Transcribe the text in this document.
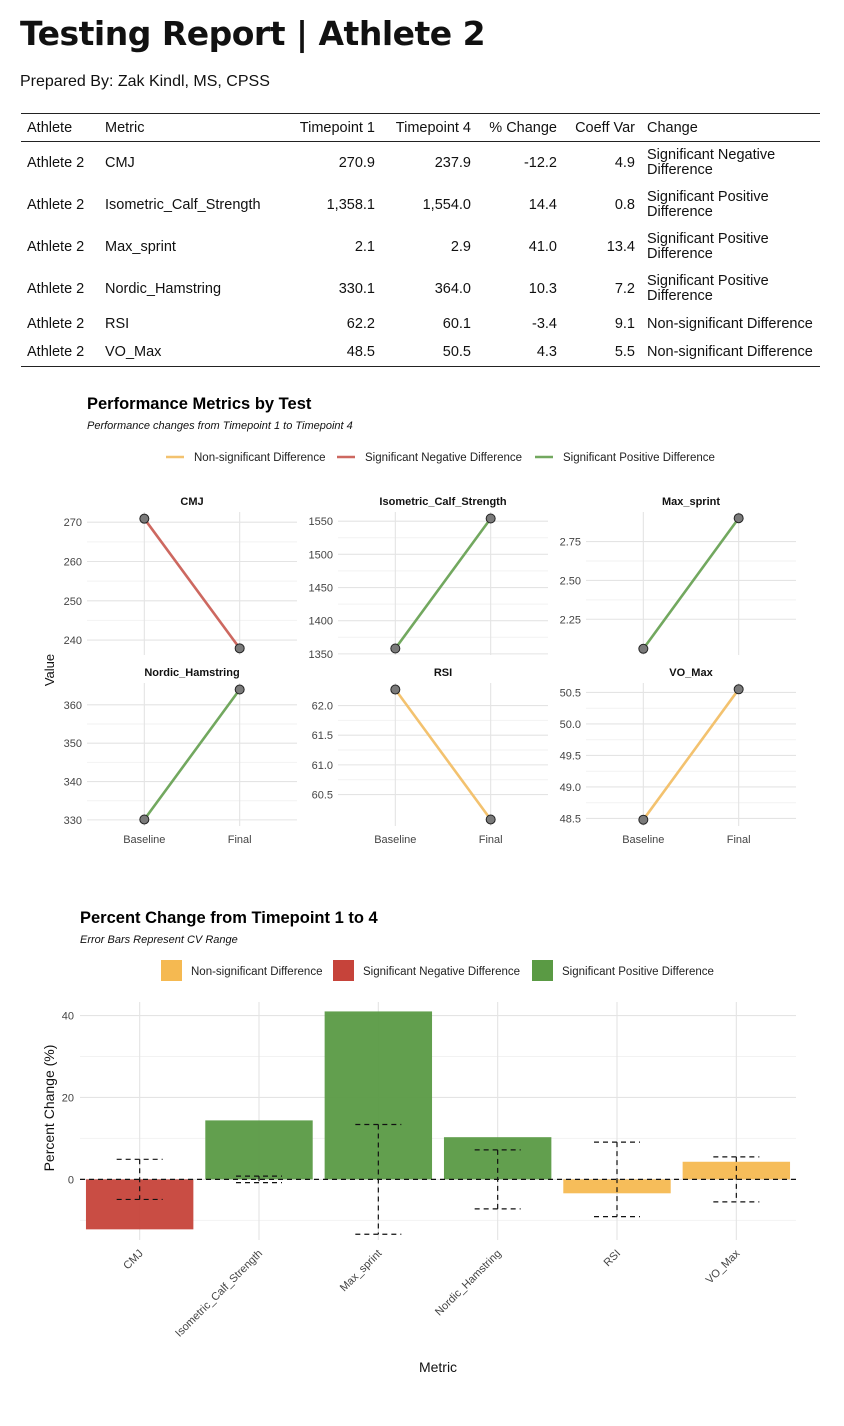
Testing Report | Athlete 2
Prepared By: Zak Kindl, MS, CPSS
Athlete	Metric	Timepoint 1	Timepoint 4	% Change	Coeff Var	Change
Athlete 2	CMJ	270.9	237.9	-12.2	4.9	Significant Negative Difference
Athlete 2	Isometric_Calf_Strength	1,358.1	1,554.0	14.4	0.8	Significant Positive Difference
Athlete 2	Max_sprint	2.1	2.9	41.0	13.4	Significant Positive Difference
Athlete 2	Nordic_Hamstring	330.1	364.0	10.3	7.2	Significant Positive Difference
Athlete 2	RSI	62.2	60.1	-3.4	9.1	Non-significant Difference
Athlete 2	VO_Max	48.5	50.5	4.3	5.5	Non-significant Difference
Performance Metrics by Test
Performance changes from Timepoint 1 to Timepoint 4
Non-significant Difference	Significant Negative Difference	Significant Positive Difference
Value
CMJ
240
250
260
270
Isometric_Calf_Strength
1350
1400
1450
1500
1550
Max_sprint
2.25
2.50
2.75
Nordic_Hamstring
330
340
350
360
Baseline	Final
RSI
60.5
61.0
61.5
62.0
Baseline	Final
VO_Max
48.5
49.0
49.5
50.0
50.5
Baseline	Final
Percent Change from Timepoint 1 to 4
Error Bars Represent CV Range
Non-significant Difference	Significant Negative Difference	Significant Positive Difference
0
20
40
CMJ Isometric_Calf_Strength	Max_sprint	Nordic_Hamstring	RSI	VO_Max
Metric
Percent Change (%)
